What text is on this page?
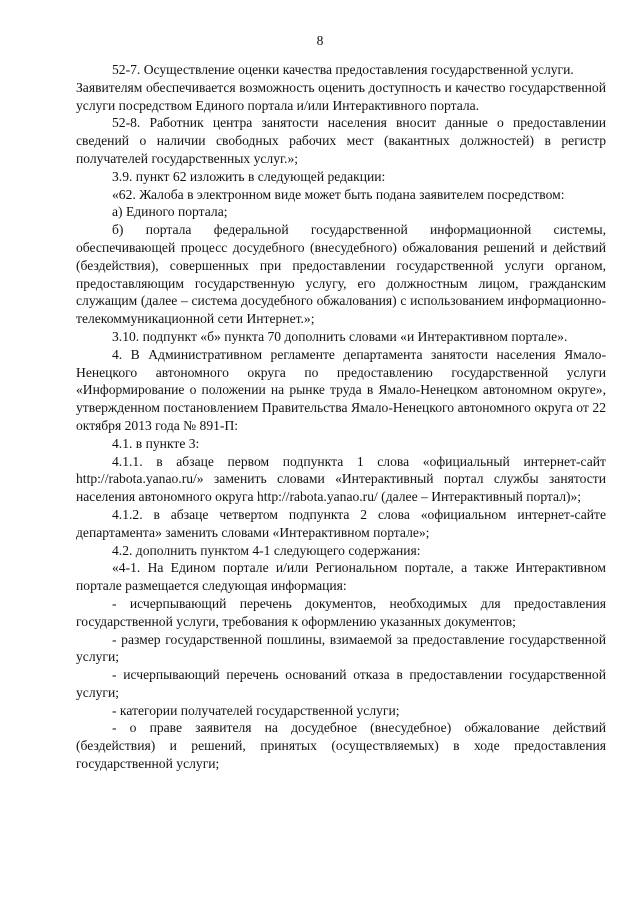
8

52-7. Осуществление оценки качества предоставления государственной услуги.

Заявителям обеспечивается возможность оценить доступность и качество государственной услуги посредством Единого портала и/или Интерактивного портала.

52-8. Работник центра занятости населения вносит данные о предоставлении сведений о наличии свободных рабочих мест (вакантных должностей) в регистр получателей государственных услуг.»;

3.9. пункт 62 изложить в следующей редакции:

«62. Жалоба в электронном виде может быть подана заявителем посредством:

а) Единого портала;

б) портала федеральной государственной информационной системы, обеспечивающей процесс досудебного (внесудебного) обжалования решений и действий (бездействия), совершенных при предоставлении государственной услуги органом, предоставляющим государственную услугу, его должностным лицом, гражданским служащим (далее – система досудебного обжалования) с использованием информационно-телекоммуникационной сети Интернет.»;

3.10. подпункт «б» пункта 70 дополнить словами «и Интерактивном портале».

4. В Административном регламенте департамента занятости населения Ямало-Ненецкого автономного округа по предоставлению государственной услуги «Информирование о положении на рынке труда в Ямало-Ненецком автономном округе», утвержденном постановлением Правительства Ямало-Ненецкого автономного округа от 22 октября 2013 года № 891-П:

4.1. в пункте 3:

4.1.1. в абзаце первом подпункта 1 слова «официальный интернет-сайт http://rabota.yanao.ru/» заменить словами «Интерактивный портал службы занятости населения автономного округа http://rabota.yanao.ru/ (далее – Интерактивный портал)»;

4.1.2. в абзаце четвертом подпункта 2 слова «официальном интернет-сайте департамента» заменить словами «Интерактивном портале»;

4.2. дополнить пунктом 4-1 следующего содержания:

«4-1. На Едином портале и/или Региональном портале, а также Интерактивном портале размещается следующая информация:

- исчерпывающий перечень документов, необходимых для предоставления государственной услуги, требования к оформлению указанных документов;

- размер государственной пошлины, взимаемой за предоставление государственной услуги;

- исчерпывающий перечень оснований отказа в предоставлении государственной услуги;

- категории получателей государственной услуги;

- о праве заявителя на досудебное (внесудебное) обжалование действий (бездействия) и решений, принятых (осуществляемых) в ходе предоставления государственной услуги;
